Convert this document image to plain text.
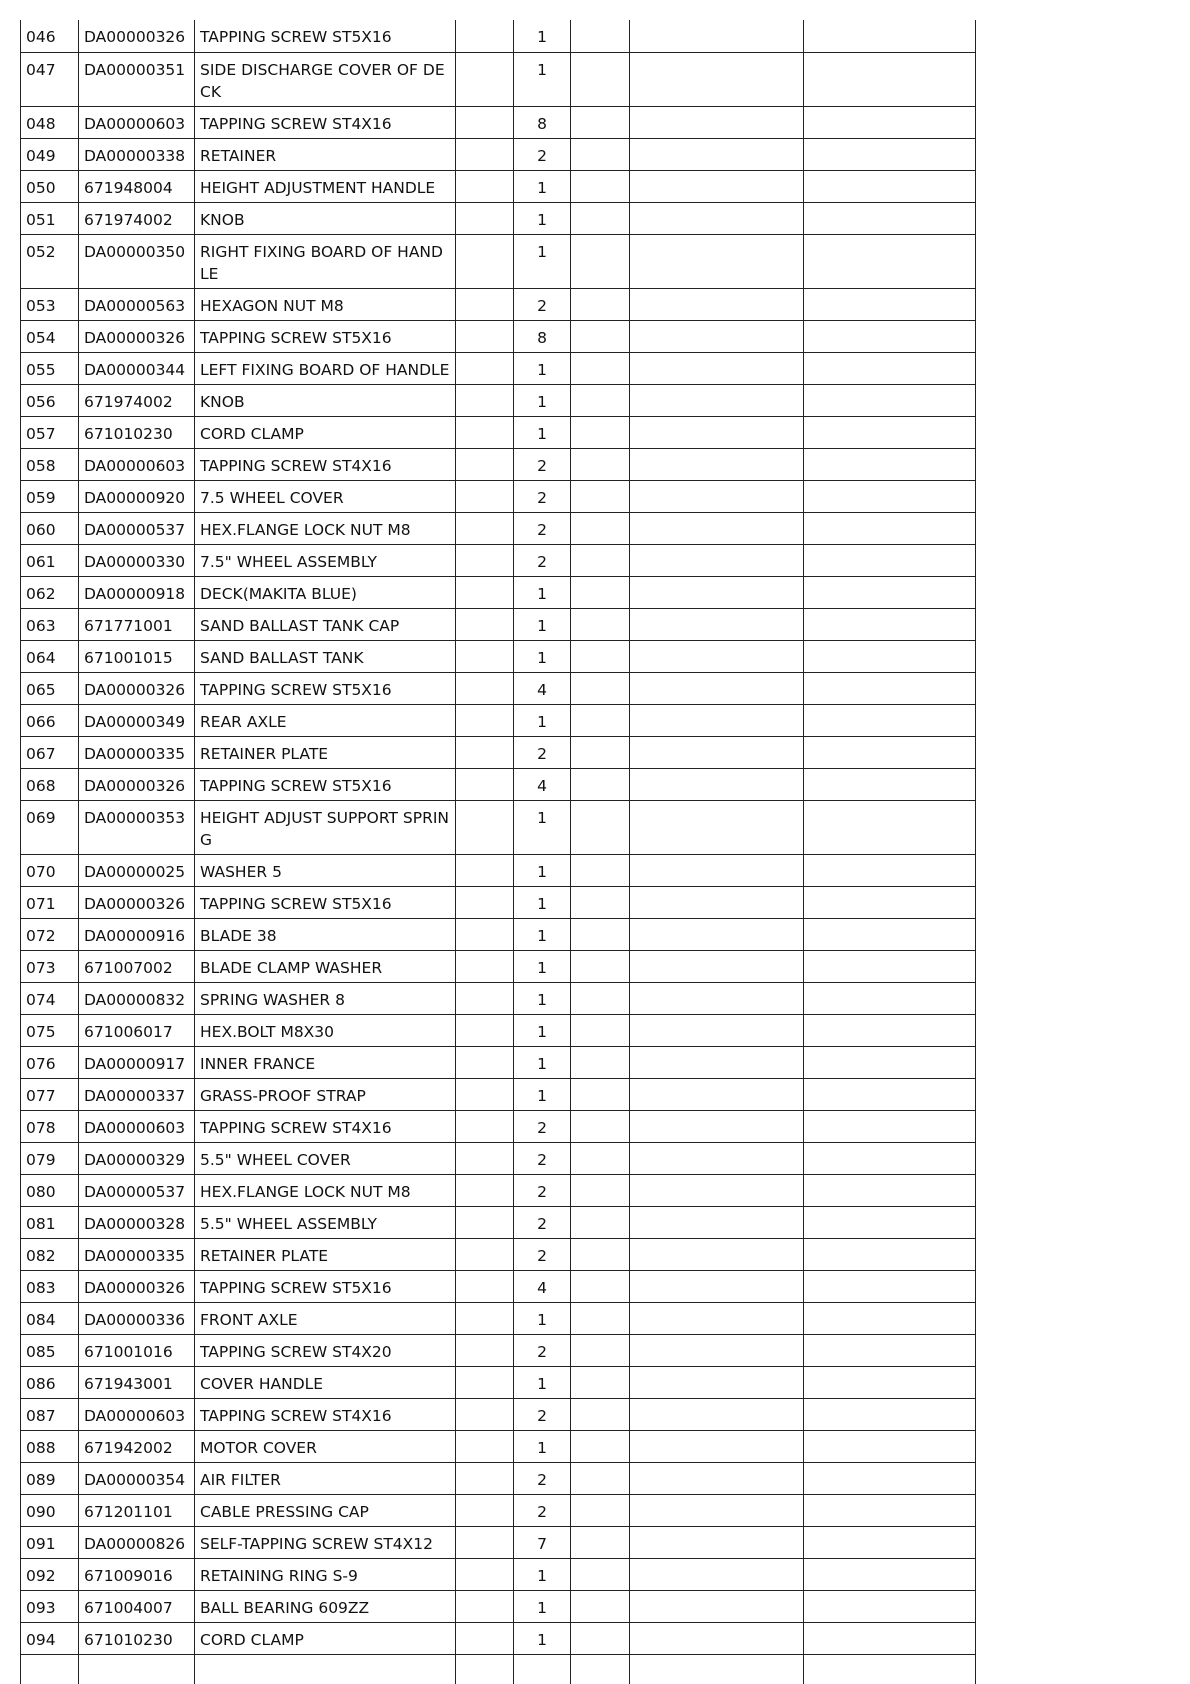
046	DA00000326	TAPPING SCREW ST5X16		1			
047	DA00000351	SIDE DISCHARGE COVER OF DECK		1			
048	DA00000603	TAPPING SCREW ST4X16		8			
049	DA00000338	RETAINER		2			
050	671948004	HEIGHT ADJUSTMENT HANDLE		1			
051	671974002	KNOB		1			
052	DA00000350	RIGHT FIXING BOARD OF HANDLE		1			
053	DA00000563	HEXAGON NUT M8		2			
054	DA00000326	TAPPING SCREW ST5X16		8			
055	DA00000344	LEFT FIXING BOARD OF HANDLE		1			
056	671974002	KNOB		1			
057	671010230	CORD CLAMP		1			
058	DA00000603	TAPPING SCREW ST4X16		2			
059	DA00000920	7.5 WHEEL COVER		2			
060	DA00000537	HEX.FLANGE LOCK NUT M8		2			
061	DA00000330	7.5" WHEEL ASSEMBLY		2			
062	DA00000918	DECK(MAKITA BLUE)		1			
063	671771001	SAND BALLAST TANK CAP		1			
064	671001015	SAND BALLAST TANK		1			
065	DA00000326	TAPPING SCREW ST5X16		4			
066	DA00000349	REAR AXLE		1			
067	DA00000335	RETAINER PLATE		2			
068	DA00000326	TAPPING SCREW ST5X16		4			
069	DA00000353	HEIGHT ADJUST SUPPORT SPRING		1			
070	DA00000025	WASHER 5		1			
071	DA00000326	TAPPING SCREW ST5X16		1			
072	DA00000916	BLADE 38		1			
073	671007002	BLADE CLAMP WASHER		1			
074	DA00000832	SPRING WASHER 8		1			
075	671006017	HEX.BOLT M8X30		1			
076	DA00000917	INNER FRANCE		1			
077	DA00000337	GRASS-PROOF STRAP		1			
078	DA00000603	TAPPING SCREW ST4X16		2			
079	DA00000329	5.5" WHEEL COVER		2			
080	DA00000537	HEX.FLANGE LOCK NUT M8		2			
081	DA00000328	5.5" WHEEL ASSEMBLY		2			
082	DA00000335	RETAINER PLATE		2			
083	DA00000326	TAPPING SCREW ST5X16		4			
084	DA00000336	FRONT AXLE		1			
085	671001016	TAPPING SCREW ST4X20		2			
086	671943001	COVER HANDLE		1			
087	DA00000603	TAPPING SCREW ST4X16		2			
088	671942002	MOTOR COVER		1			
089	DA00000354	AIR FILTER		2			
090	671201101	CABLE PRESSING CAP		2			
091	DA00000826	SELF-TAPPING SCREW ST4X12		7			
092	671009016	RETAINING RING S-9		1			
093	671004007	BALL BEARING 609ZZ		1			
094	671010230	CORD CLAMP		1			
